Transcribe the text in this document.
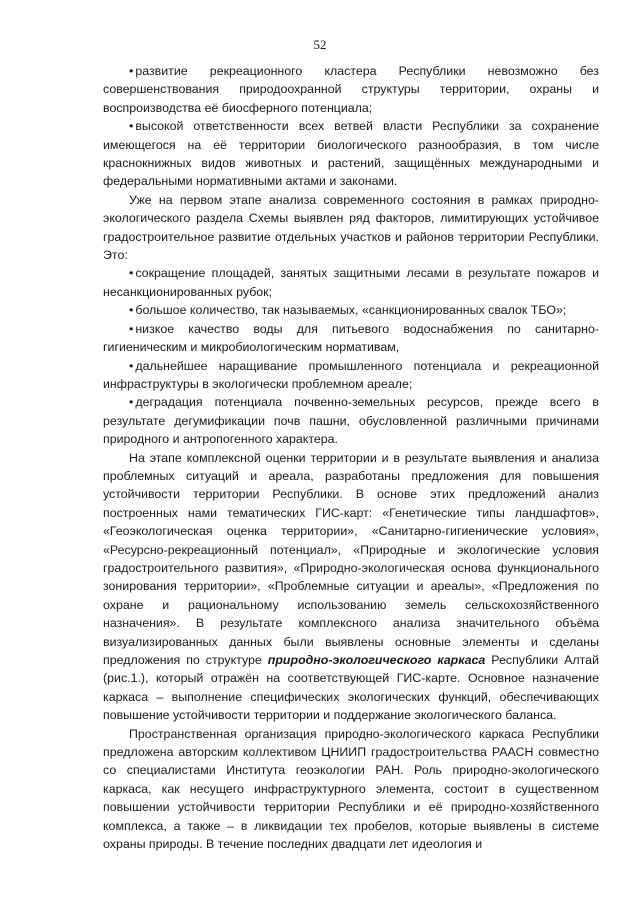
52

• развитие рекреационного кластера Республики невозможно без совершенствования природоохранной структуры территории, охраны и воспроизводства её биосферного потенциала;

• высокой ответственности всех ветвей власти Республики за сохранение имеющегося на её территории биологического разнообразия, в том числе краснокнижных видов животных и растений, защищённых международными и федеральными нормативными актами и законами.

Уже на первом этапе анализа современного состояния в рамках природно-экологического раздела Схемы выявлен ряд факторов, лимитирующих устойчивое градостроительное развитие отдельных участков и районов территории Республики. Это:

• сокращение площадей, занятых защитными лесами в результате пожаров и несанкционированных рубок;

• большое количество, так называемых, «санкционированных свалок ТБО»;

• низкое качество воды для питьевого водоснабжения по санитарно-гигиеническим и микробиологическим нормативам,

• дальнейшее наращивание промышленного потенциала и рекреационной инфраструктуры в экологически проблемном ареале;

• деградация потенциала почвенно-земельных ресурсов, прежде всего в результате дегумификации почв пашни, обусловленной различными причинами природного и антропогенного характера.

На этапе комплексной оценки территории и в результате выявления и анализа проблемных ситуаций и ареала, разработаны предложения для повышения устойчивости территории Республики. В основе этих предложений анализ построенных нами тематических ГИС-карт: «Генетические типы ландшафтов», «Геоэкологическая оценка территории», «Санитарно-гигиенические условия», «Ресурсно-рекреационный потенциал», «Природные и экологические условия градостроительного развития», «Природно-экологическая основа функционального зонирования территории», «Проблемные ситуации и ареалы», «Предложения по охране и рациональному использованию земель сельскохозяйственного назначения». В результате комплексного анализа значительного объёма визуализированных данных были выявлены основные элементы и сделаны предложения по структуре природно-экологического каркаса Республики Алтай (рис.1.), который отражён на соответствующей ГИС-карте. Основное назначение каркаса – выполнение специфических экологических функций, обеспечивающих повышение устойчивости территории и поддержание экологического баланса.

Пространственная организация природно-экологического каркаса Республики предложена авторским коллективом ЦНИИП градостроительства РААСН совместно со специалистами Института геоэкологии РАН. Роль природно-экологического каркаса, как несущего инфраструктурного элемента, состоит в существенном повышении устойчивости территории Республики и её природно-хозяйственного комплекса, а также – в ликвидации тех пробелов, которые выявлены в системе охраны природы. В течение последних двадцати лет идеология и
